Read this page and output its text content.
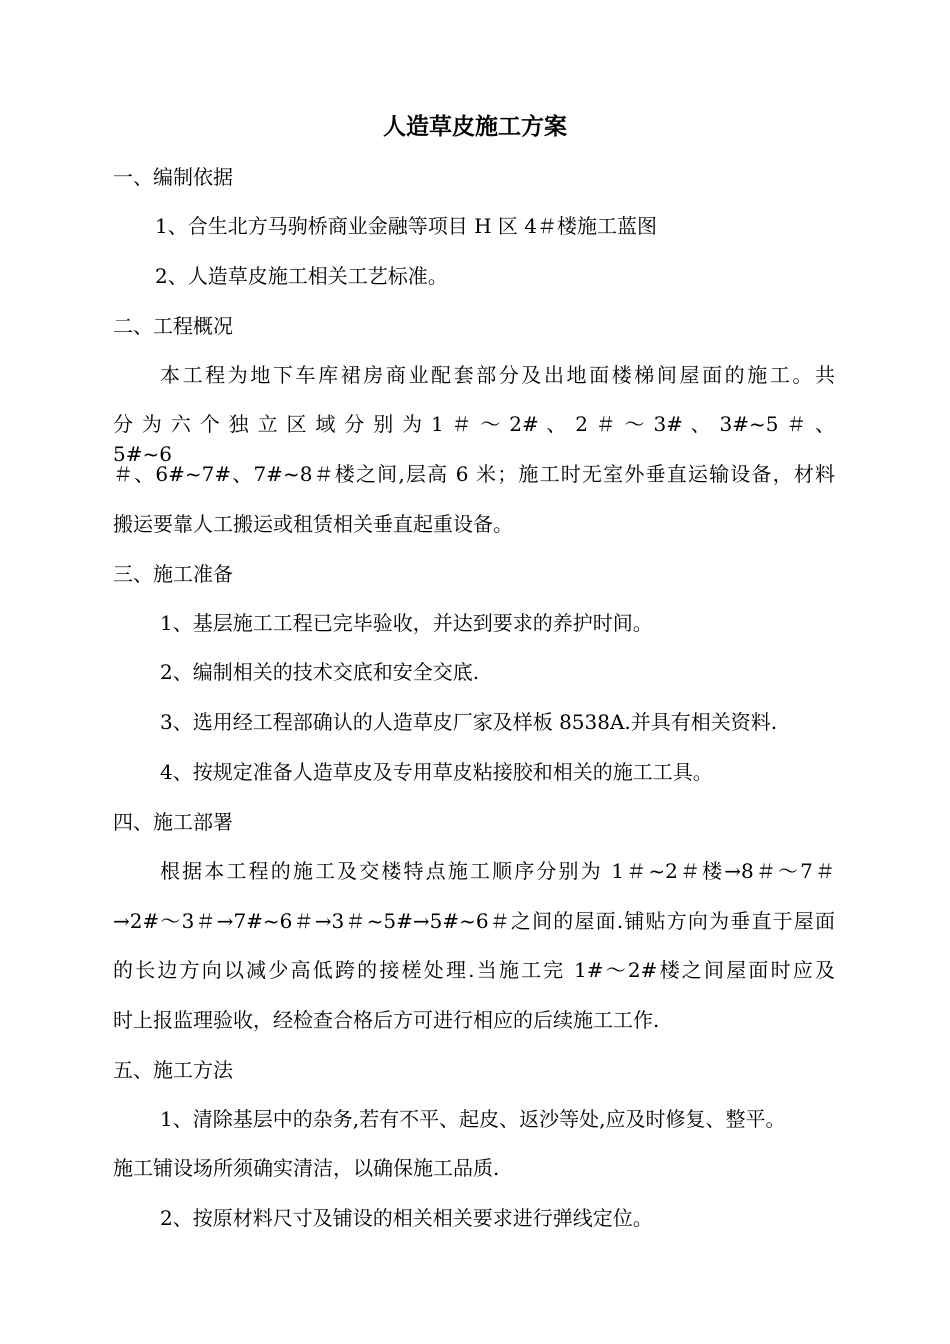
人造草皮施工方案
一、编制依据
1、合生北方马驹桥商业金融等项目 H 区 4＃楼施工蓝图
2、人造草皮施工相关工艺标准。
二、工程概况
本工程为地下车库裙房商业配套部分及出地面楼梯间屋面的施工。共
分 为 六 个 独 立 区 域 分 别 为 1 ＃ ～ 2# 、 2 ＃ ～ 3# 、 3#~5 ＃ 、 5#~6
＃、6#~7#、7#~8＃楼之间,层高 6 米；施工时无室外垂直运输设备，材料
搬运要靠人工搬运或租赁相关垂直起重设备。
三、施工准备
1、基层施工工程已完毕验收，并达到要求的养护时间。
2、编制相关的技术交底和安全交底.
3、选用经工程部确认的人造草皮厂家及样板 8538A.并具有相关资料.
4、按规定准备人造草皮及专用草皮粘接胶和相关的施工工具。
四、施工部署
根据本工程的施工及交楼特点施工顺序分别为 1＃~2＃楼→8＃～7＃
→2#～3＃→7#~6＃→3＃~5#→5#~6＃之间的屋面.铺贴方向为垂直于屋面
的长边方向以减少高低跨的接槎处理.当施工完 1#～2#楼之间屋面时应及
时上报监理验收，经检查合格后方可进行相应的后续施工工作.
五、施工方法
1、清除基层中的杂务,若有不平、起皮、返沙等处,应及时修复、整平。
施工铺设场所须确实清洁，以确保施工品质.
2、按原材料尺寸及铺设的相关相关要求进行弹线定位。
